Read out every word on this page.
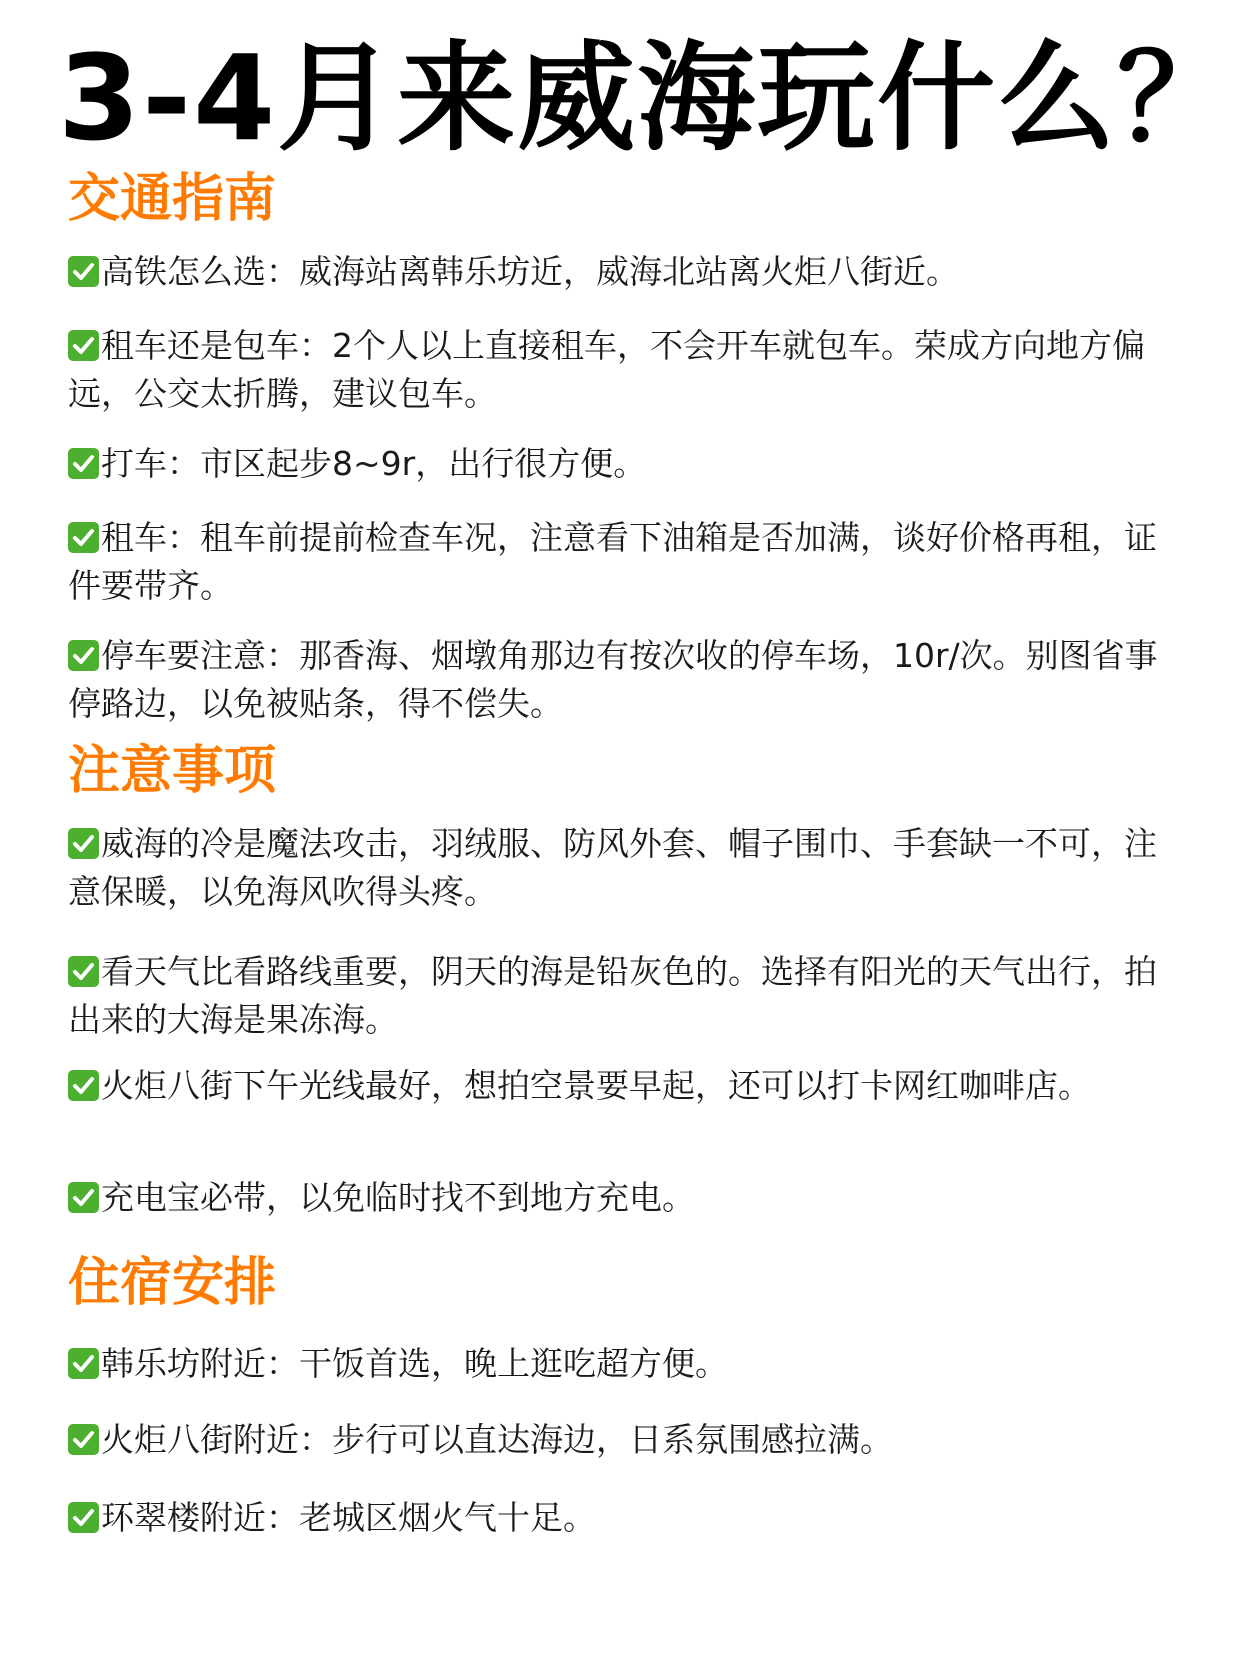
3-4月来威海玩什么？
交通指南
高铁怎么选：威海站离韩乐坊近，威海北站离火炬八街近。
租车还是包车：2个人以上直接租车，不会开车就包车。荣成方向地方偏远，公交太折腾，建议包车。
打车：市区起步8~9r，出行很方便。
租车：租车前提前检查车况，注意看下油箱是否加满，谈好价格再租，证件要带齐。
停车要注意：那香海、烟墩角那边有按次收的停车场，10r/次。别图省事停路边，以免被贴条，得不偿失。
注意事项
威海的冷是魔法攻击，羽绒服、防风外套、帽子围巾、手套缺一不可，注意保暖，以免海风吹得头疼。
看天气比看路线重要，阴天的海是铅灰色的。选择有阳光的天气出行，拍出来的大海是果冻海。
火炬八街下午光线最好，想拍空景要早起，还可以打卡网红咖啡店。
充电宝必带，以免临时找不到地方充电。
住宿安排
韩乐坊附近：干饭首选，晚上逛吃超方便。
火炬八街附近：步行可以直达海边，日系氛围感拉满。
环翠楼附近：老城区烟火气十足。
